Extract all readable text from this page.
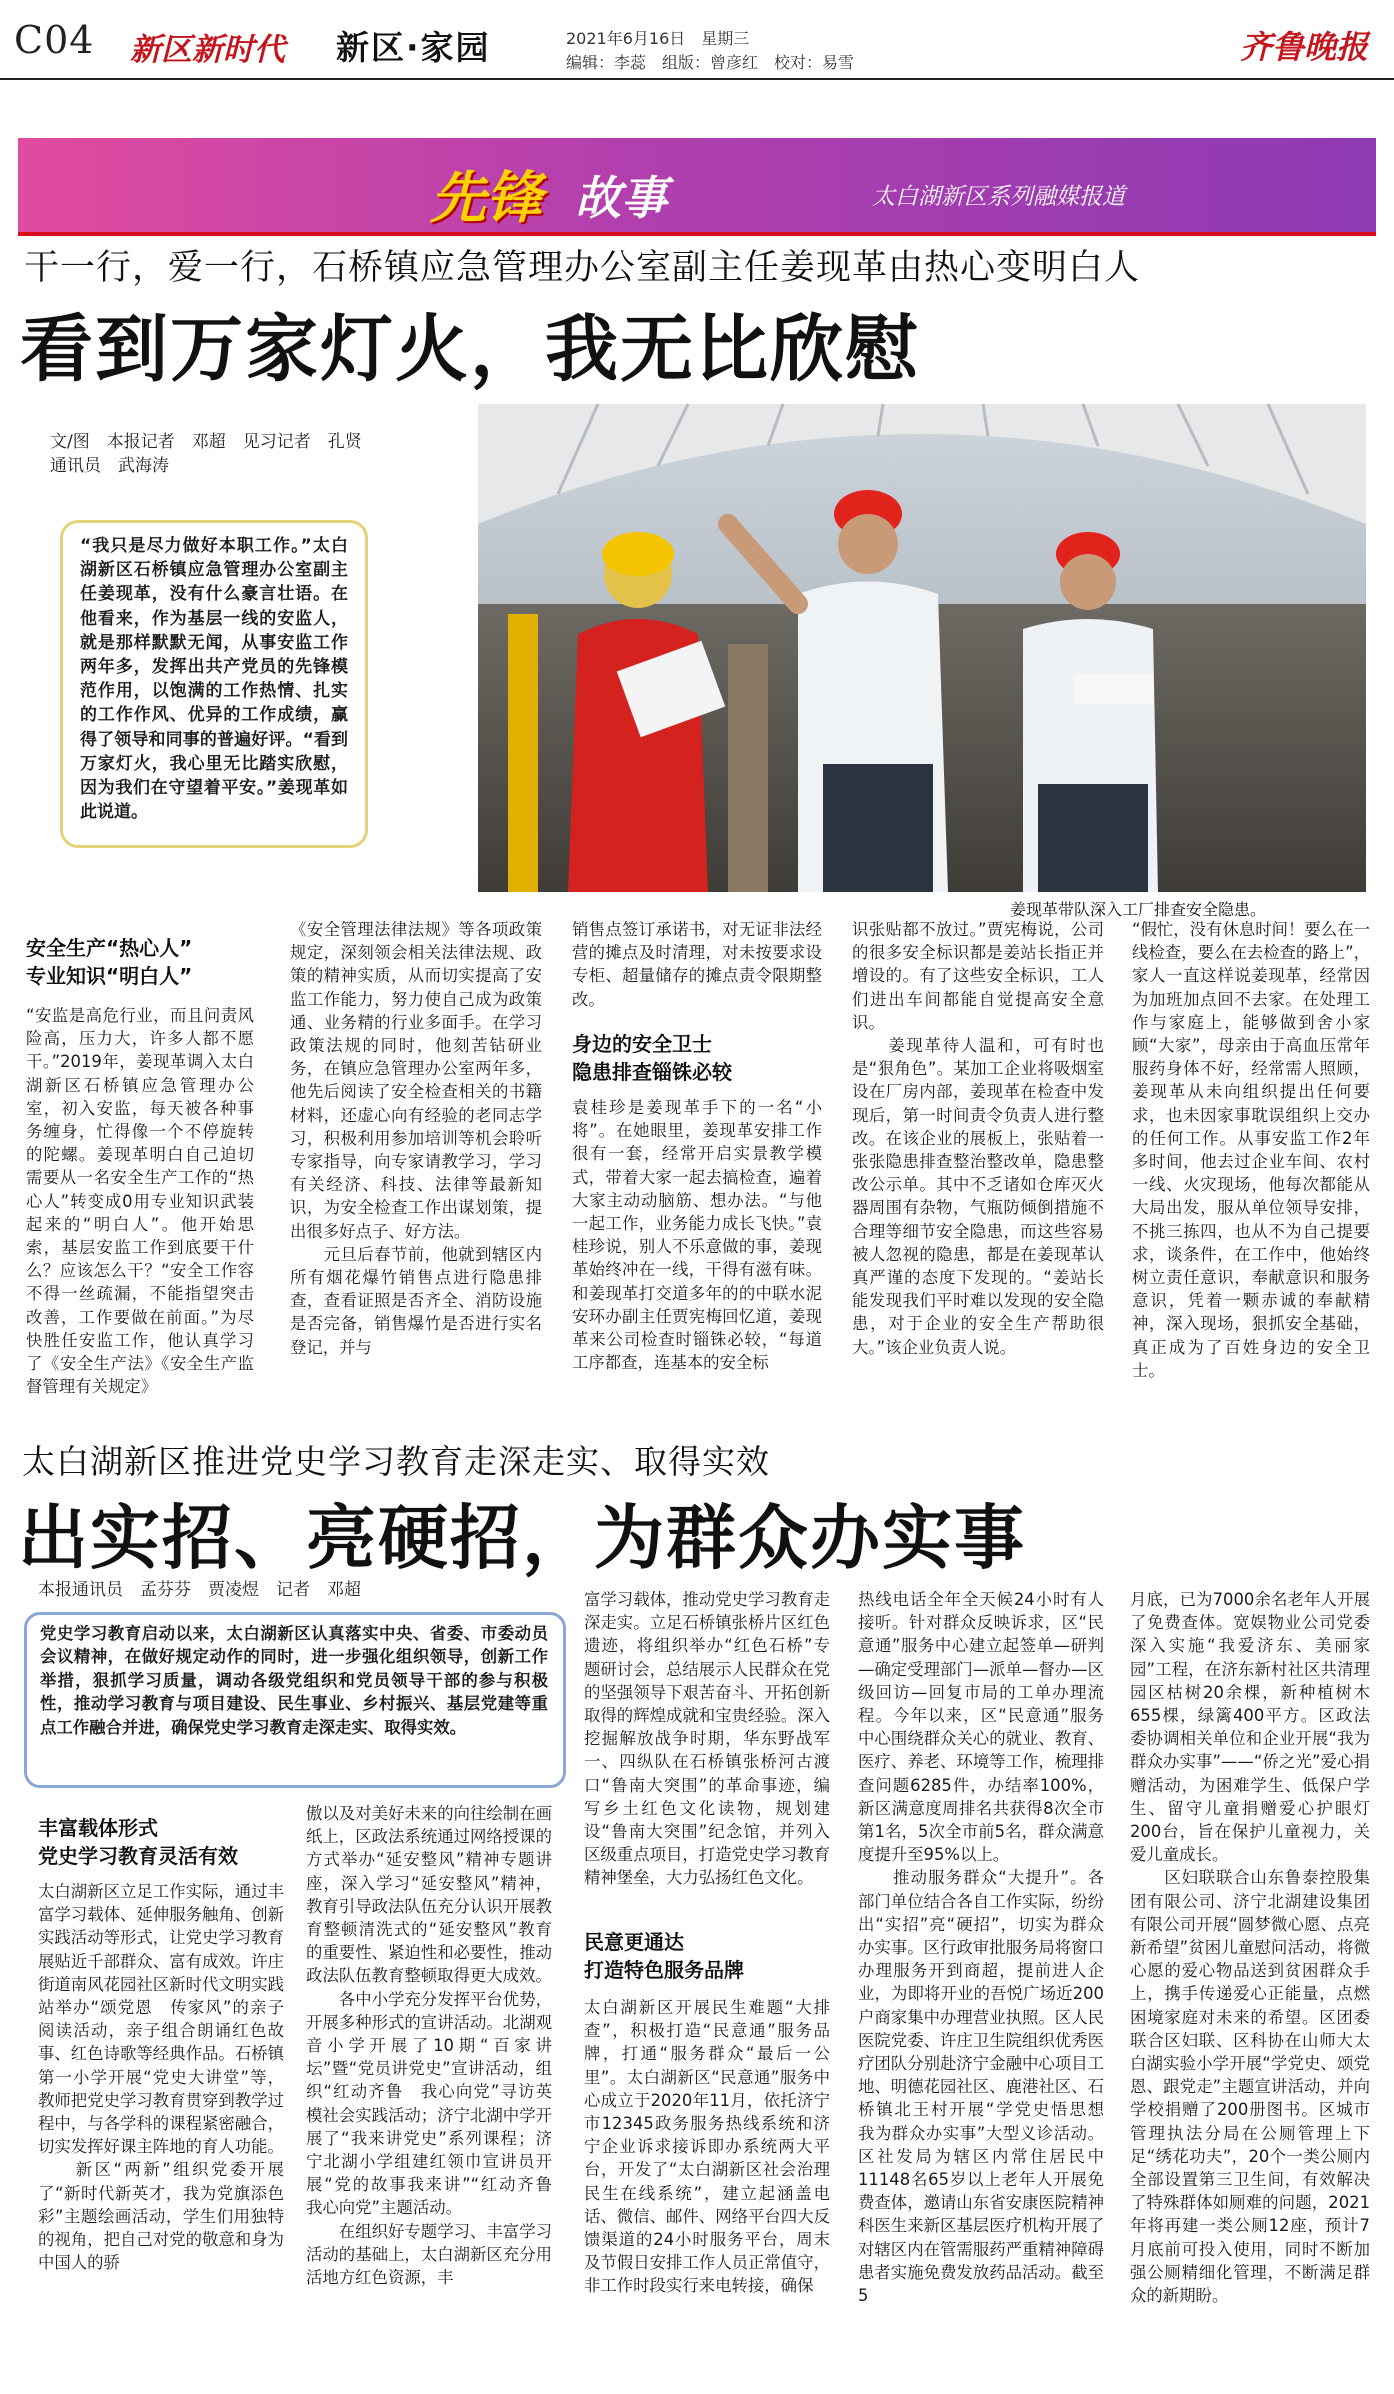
C04 新区新时代 新区·家园	2021年6月16日　星期三
编辑：李蕊　组版：曾彦红　校对：易雪	齐鲁晚报
先锋 故事	太白湖新区系列融媒报道
干一行，爱一行，石桥镇应急管理办公室副主任姜现革由热心变明白人
看到万家灯火，我无比欣慰
文/图　本报记者　邓超　见习记者　孔贤
通讯员　武海涛
“我只是尽力做好本职工作。”太白湖新区石桥镇应急管理办公室副主任姜现革，没有什么豪言壮语。在他看来，作为基层一线的安监人，就是那样默默无闻，从事安监工作两年多，发挥出共产党员的先锋模范作用，以饱满的工作热情、扎实的工作作风、优异的工作成绩，赢得了领导和同事的普遍好评。“看到万家灯火，我心里无比踏实欣慰，因为我们在守望着平安。”姜现革如此说道。
姜现革带队深入工厂排查安全隐患。
安全生产“热心人”
专业知识“明白人”
“安监是高危行业，而且问责风险高，压力大，许多人都不愿干。”2019年，姜现革调入太白湖新区石桥镇应急管理办公室，初入安监，每天被各种事务缠身，忙得像一个不停旋转的陀螺。姜现革明白自己迫切需要从一名安全生产工作的“热心人”转变成0用专业知识武装起来的“明白人”。他开始思索，基层安监工作到底要干什么？应该怎么干？“安全工作容不得一丝疏漏，不能指望突击改善，工作要做在前面。”为尽快胜任安监工作，他认真学习了《安全生产法》《安全生产监督管理有关规定》
《安全管理法律法规》等各项政策规定，深刻领会相关法律法规、政策的精神实质，从而切实提高了安监工作能力，努力使自己成为政策通、业务精的行业多面手。在学习政策法规的同时，他刻苦钻研业务，在镇应急管理办公室两年多，他先后阅读了安全检查相关的书籍材料，还虚心向有经验的老同志学习，积极利用参加培训等机会聆听专家指导，向专家请教学习，学习有关经济、科技、法律等最新知识，为安全检查工作出谋划策，提出很多好点子、好方法。
　　元旦后春节前，他就到辖区内所有烟花爆竹销售点进行隐患排查，查看证照是否齐全、消防设施是否完备，销售爆竹是否进行实名登记，并与
销售点签订承诺书，对无证非法经营的摊点及时清理，对未按要求设专柜、超量储存的摊点责令限期整改。
身边的安全卫士
隐患排查锱铢必较
袁桂珍是姜现革手下的一名“小将”。在她眼里，姜现革安排工作很有一套，经常开启实景教学模式，带着大家一起去搞检查，遍着大家主动动脑筋、想办法。“与他一起工作，业务能力成长飞快。”袁桂珍说，别人不乐意做的事，姜现革始终冲在一线，干得有滋有味。和姜现革打交道多年的的中联水泥安环办副主任贾宪梅回忆道，姜现革来公司检查时锱铢必较，“每道工序都查，连基本的安全标
识张贴都不放过。”贾宪梅说，公司的很多安全标识都是姜站长指正并增设的。有了这些安全标识，工人们进出车间都能自觉提高安全意识。
　　姜现革待人温和，可有时也是“狠角色”。某加工企业将吸烟室设在厂房内部，姜现革在检查中发现后，第一时间责令负责人进行整改。在该企业的展板上，张贴着一张张隐患排查整治整改单，隐患整改公示单。其中不乏诸如仓库灭火器周围有杂物，气瓶防倾倒措施不合理等细节安全隐患，而这些容易被人忽视的隐患，都是在姜现革认真严谨的态度下发现的。“姜站长能发现我们平时难以发现的安全隐患，对于企业的安全生产帮助很大。”该企业负责人说。
“假忙，没有休息时间！要么在一线检查，要么在去检查的路上”，家人一直这样说姜现革，经常因为加班加点回不去家。在处理工作与家庭上，能够做到舍小家顾“大家”，母亲由于高血压常年服药身体不好，经常需人照顾，姜现革从未向组织提出任何要求，也未因家事耽误组织上交办的任何工作。从事安监工作2年多时间，他去过企业车间、农村一线、火灾现场，他每次都能从大局出发，服从单位领导安排，不挑三拣四，也从不为自己提要求，谈条件，在工作中，他始终树立责任意识，奉献意识和服务意识，凭着一颗赤诚的奉献精神，深入现场，狠抓安全基础，真正成为了百姓身边的安全卫士。
太白湖新区推进党史学习教育走深走实、取得实效
出实招、亮硬招，为群众办实事
本报通讯员　孟芬芬　贾凌煜　记者　邓超
党史学习教育启动以来，太白湖新区认真落实中央、省委、市委动员会议精神，在做好规定动作的同时，进一步强化组织领导，创新工作举措，狠抓学习质量，调动各级党组织和党员领导干部的参与积极性，推动学习教育与项目建设、民生事业、乡村振兴、基层党建等重点工作融合并进，确保党史学习教育走深走实、取得实效。
丰富载体形式
党史学习教育灵活有效
太白湖新区立足工作实际，通过丰富学习载体、延伸服务触角、创新实践活动等形式，让党史学习教育展贴近千部群众、富有成效。许庄街道南风花园社区新时代文明实践站举办“颂党恩　传家风”的亲子阅读活动，亲子组合朗诵红色故事、红色诗歌等经典作品。石桥镇第一小学开展“党史大讲堂”等，教师把党史学习教育贯穿到教学过程中，与各学科的课程紧密融合，切实发挥好课主阵地的育人功能。
　　新区“两新”组织党委开展了“新时代新英才，我为党旗添色彩”主题绘画活动，学生们用独特的视角，把自己对党的敬意和身为中国人的骄
傲以及对美好未来的向往绘制在画纸上，区政法系统通过网络授课的方式举办“延安整风”精神专题讲座，深入学习“延安整风”精神，教育引导政法队伍充分认识开展教育整顿清洗式的“延安整风”教育的重要性、紧迫性和必要性，推动政法队伍教育整顿取得更大成效。
　　各中小学充分发挥平台优势，开展多种形式的宣讲活动。北湖观音小学开展了10期“百家讲坛”暨“党员讲党史”宣讲活动，组织“红动齐鲁　我心向党”寻访英模社会实践活动；济宁北湖中学开展了“我来讲党史”系列课程；济宁北湖小学组建红领巾宣讲员开展“党的故事我来讲”“红动齐鲁　我心向党”主题活动。
　　在组织好专题学习、丰富学习活动的基础上，太白湖新区充分用活地方红色资源，丰
富学习载体，推动党史学习教育走深走实。立足石桥镇张桥片区红色遗迹，将组织举办“红色石桥”专题研讨会，总结展示人民群众在党的坚强领导下艰苦奋斗、开拓创新取得的辉煌成就和宝贵经验。深入挖掘解放战争时期，华东野战军一、四纵队在石桥镇张桥河古渡口“鲁南大突围”的革命事迹，编写乡土红色文化读物，规划建设“鲁南大突围”纪念馆，并列入区级重点项目，打造党史学习教育精神堡垒，大力弘扬红色文化。
民意更通达
打造特色服务品牌
太白湖新区开展民生难题“大排查”，积极打造“民意通”服务品牌，打通“服务群众“最后一公里”。太白湖新区“民意通”服务中心成立于2020年11月，依托济宁市12345政务服务热线系统和济宁企业诉求接诉即办系统两大平台，开发了“太白湖新区社会治理民生在线系统”，建立起涵盖电话、微信、邮件、网络平台四大反馈渠道的24小时服务平台，周末及节假日安排工作人员正常值守，非工作时段实行来电转接，确保
热线电话全年全天候24小时有人接听。针对群众反映诉求，区“民意通”服务中心建立起签单—研判—确定受理部门—派单—督办—区级回访—回复市局的工单办理流程。今年以来，区“民意通”服务中心围绕群众关心的就业、教育、医疗、养老、环境等工作，梳理排查问题6285件，办结率100%，新区满意度周排名共获得8次全市第1名，5次全市前5名，群众满意度提升至95%以上。
　　推动服务群众“大提升”。各部门单位结合各自工作实际，纷纷出“实招”亮“硬招”，切实为群众办实事。区行政审批服务局将窗口办理服务开到商超，提前进人企业，为即将开业的吾悦广场近200户商家集中办理营业执照。区人民医院党委、许庄卫生院组织优秀医疗团队分别赴济宁金融中心项目工地、明德花园社区、鹿港社区、石桥镇北王村开展“学党史悟思想　我为群众办实事”大型义诊活动。区社发局为辖区内常住居民中11148名65岁以上老年人开展免费查体，邀请山东省安康医院精神科医生来新区基层医疗机构开展了对辖区内在管需服药严重精神障碍患者实施免费发放药品活动。截至5
月底，已为7000余名老年人开展了免费查体。宽娱物业公司党委深入实施“我爱济东、美丽家园”工程，在济东新村社区共清理园区枯树20余棵，新种植树木655棵，绿篱400平方。区政法委协调相关单位和企业开展“我为群众办实事”——“侨之光”爱心捐赠活动，为困难学生、低保户学生、留守儿童捐赠爱心护眼灯200台，旨在保护儿童视力，关爱儿童成长。
　　区妇联联合山东鲁泰控股集团有限公司、济宁北湖建设集团有限公司开展“圆梦微心愿、点亮新希望”贫困儿童慰问活动，将微心愿的爱心物品送到贫困群众手上，携手传递爱心正能量，点燃困境家庭对未来的希望。区团委联合区妇联、区科协在山师大太白湖实验小学开展“学党史、颂党恩、跟党走”主题宣讲活动，并向学校捐赠了200册图书。区城市管理执法分局在公厕管理上下足“绣花功夫”，20个一类公厕内全部设置第三卫生间，有效解决了特殊群体如厕难的问题，2021年将再建一类公厕12座，预计7月底前可投入使用，同时不断加强公厕精细化管理，不断满足群众的新期盼。
